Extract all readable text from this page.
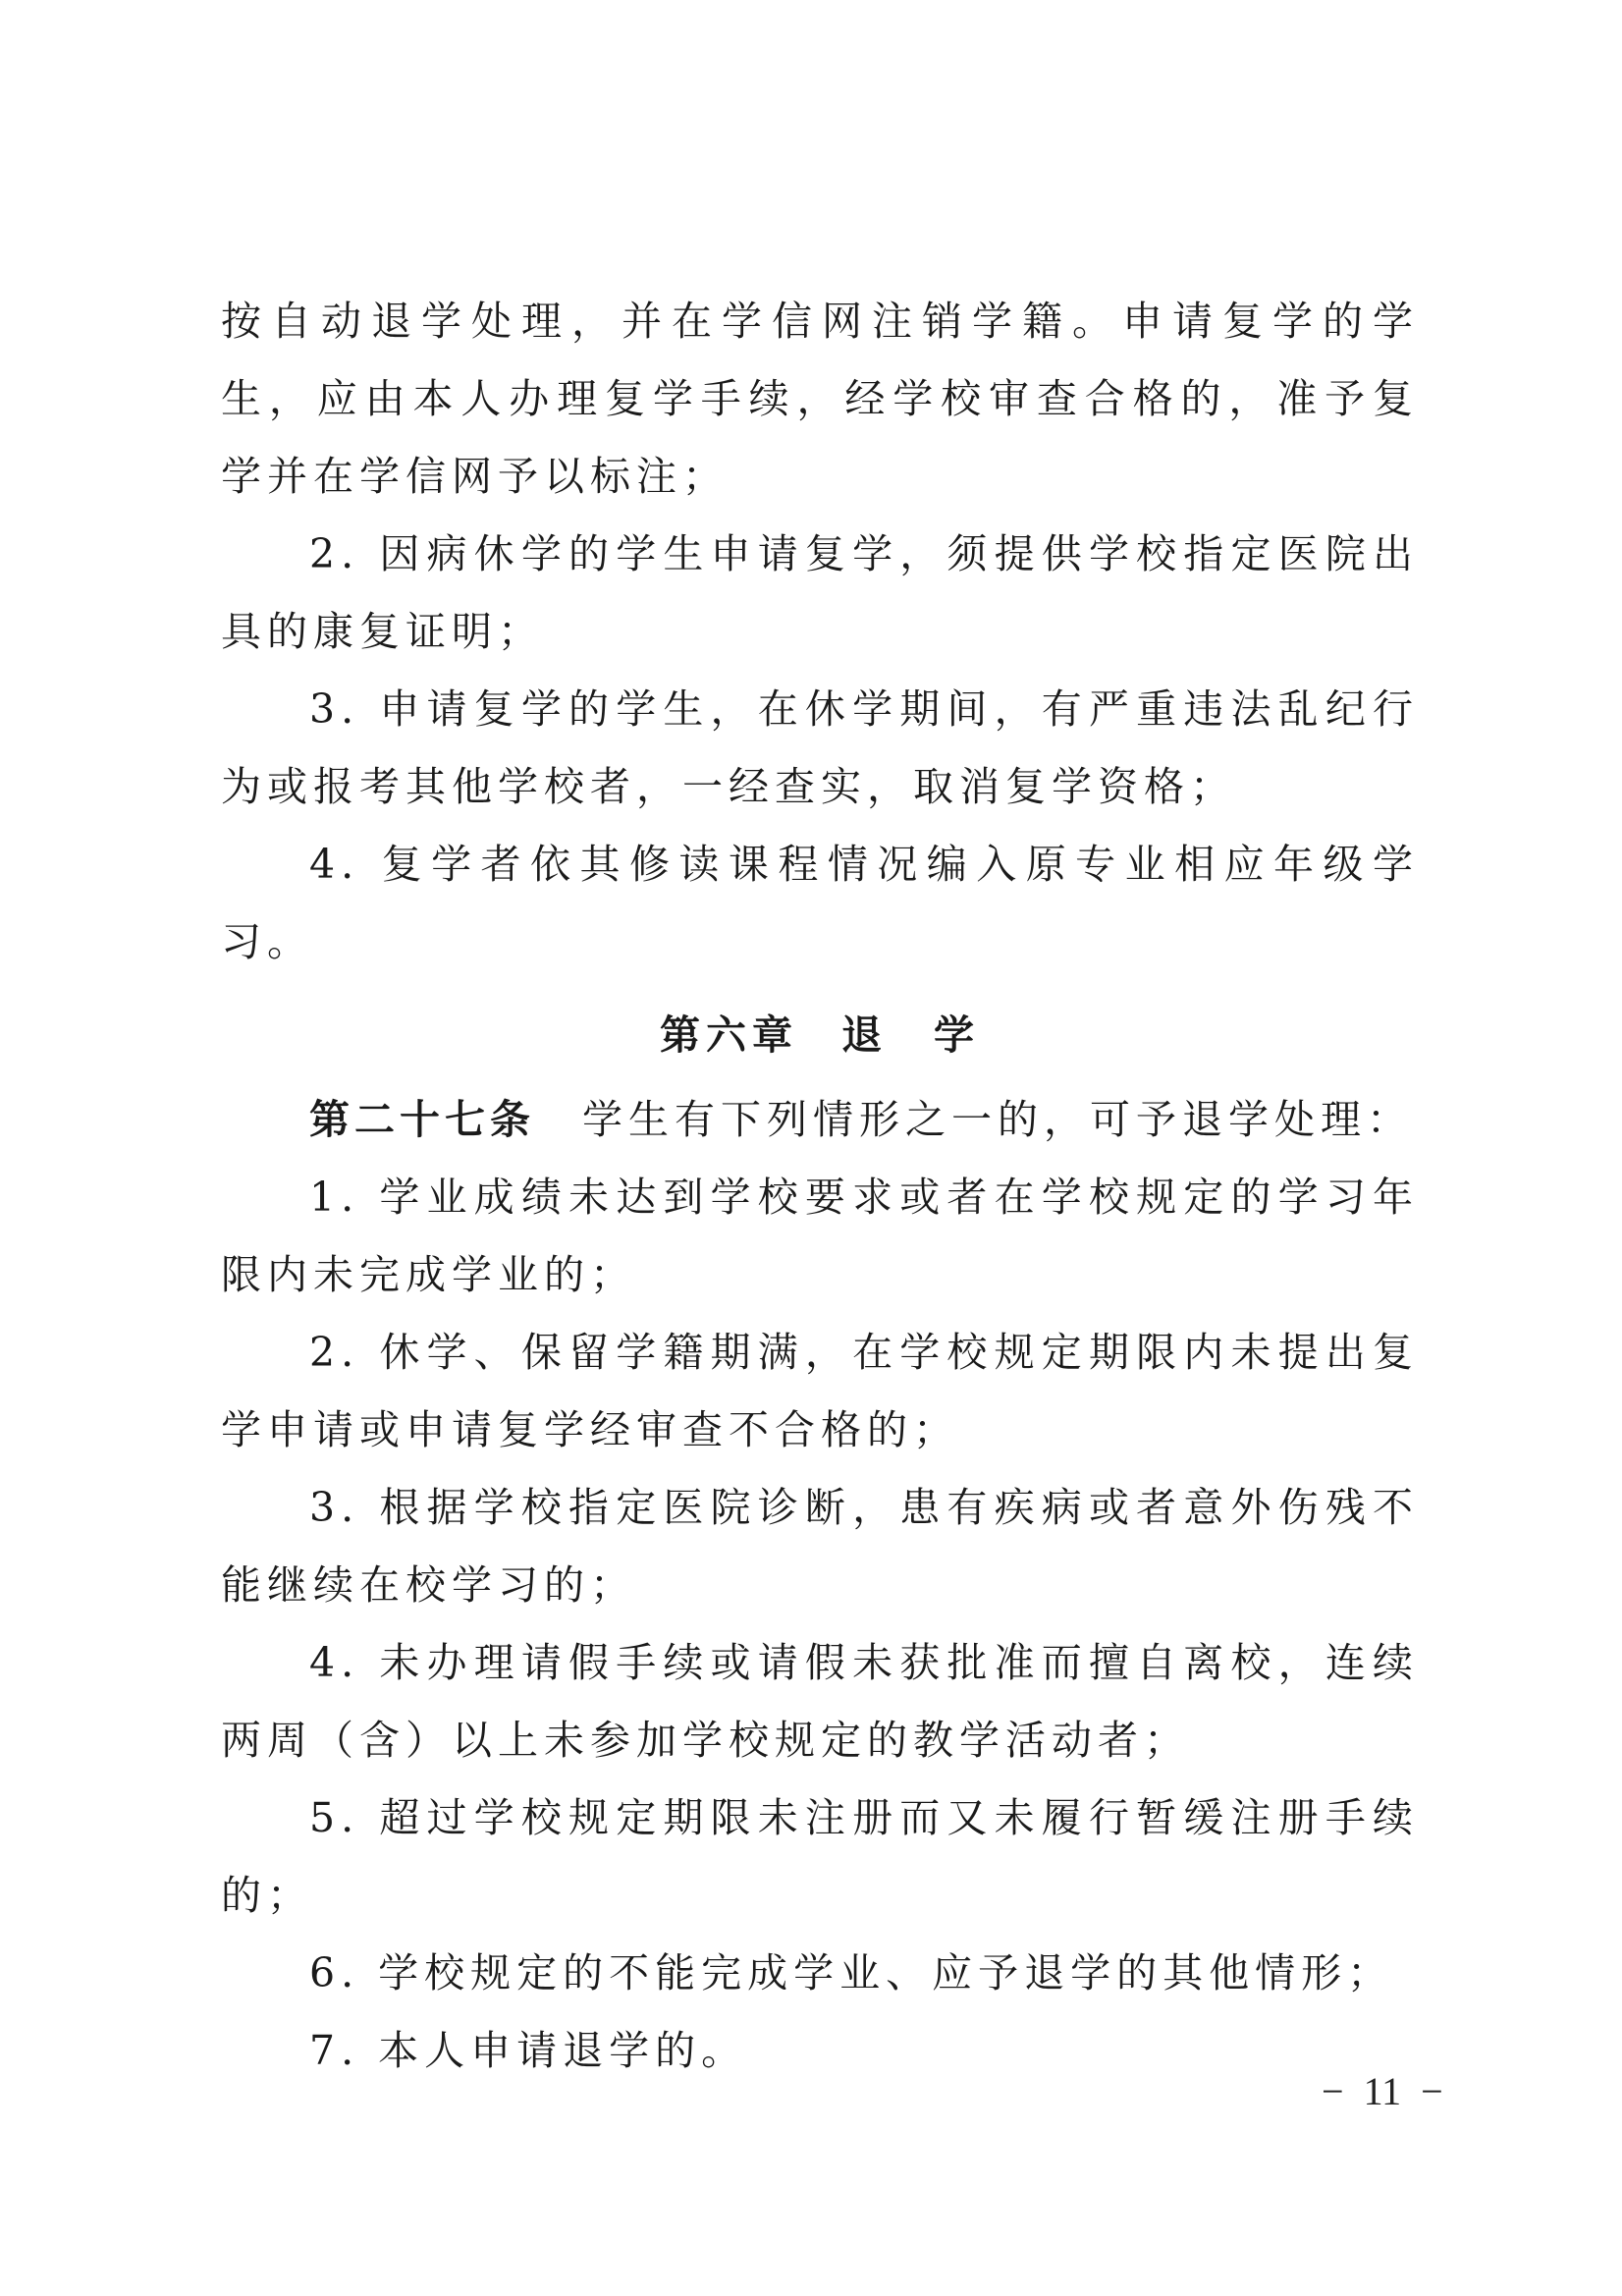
按自动退学处理，并在学信网注销学籍。申请复学的学生，应由本人办理复学手续，经学校审查合格的，准予复学并在学信网予以标注；

2. 因病休学的学生申请复学，须提供学校指定医院出具的康复证明；

3. 申请复学的学生，在休学期间，有严重违法乱纪行为或报考其他学校者，一经查实，取消复学资格；

4. 复学者依其修读课程情况编入原专业相应年级学习。

第六章 退　学

第二十七条 学生有下列情形之一的，可予退学处理：

1. 学业成绩未达到学校要求或者在学校规定的学习年限内未完成学业的；

2. 休学、保留学籍期满，在学校规定期限内未提出复学申请或申请复学经审查不合格的；

3. 根据学校指定医院诊断，患有疾病或者意外伤残不能继续在校学习的；

4. 未办理请假手续或请假未获批准而擅自离校，连续两周（含）以上未参加学校规定的教学活动者；

5. 超过学校规定期限未注册而又未履行暂缓注册手续的；

6. 学校规定的不能完成学业、应予退学的其他情形；

7. 本人申请退学的。

− 11 −
